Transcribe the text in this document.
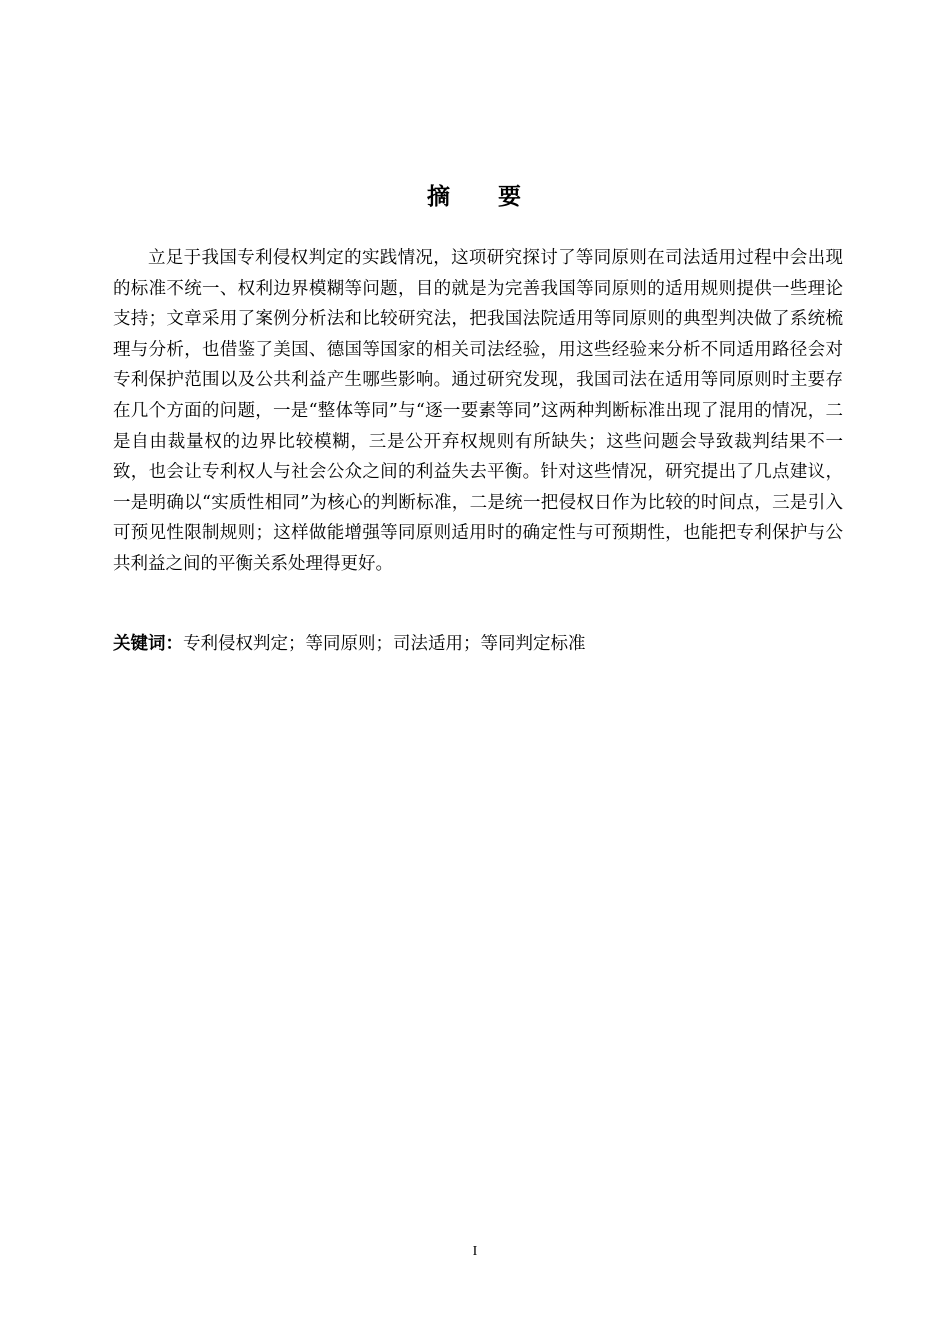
摘 要

立足于我国专利侵权判定的实践情况，这项研究探讨了等同原则在司法适用过程中会出现的标准不统一、权利边界模糊等问题，目的就是为完善我国等同原则的适用规则提供一些理论支持；文章采用了案例分析法和比较研究法，把我国法院适用等同原则的典型判决做了系统梳理与分析，也借鉴了美国、德国等国家的相关司法经验，用这些经验来分析不同适用路径会对专利保护范围以及公共利益产生哪些影响。通过研究发现，我国司法在适用等同原则时主要存在几个方面的问题，一是“整体等同”与“逐一要素等同”这两种判断标准出现了混用的情况，二是自由裁量权的边界比较模糊，三是公开弃权规则有所缺失；这些问题会导致裁判结果不一致，也会让专利权人与社会公众之间的利益失去平衡。针对这些情况，研究提出了几点建议，一是明确以“实质性相同”为核心的判断标准，二是统一把侵权日作为比较的时间点，三是引入可预见性限制规则；这样做能增强等同原则适用时的确定性与可预期性，也能把专利保护与公共利益之间的平衡关系处理得更好。

关键词：专利侵权判定；等同原则；司法适用；等同判定标准

I
